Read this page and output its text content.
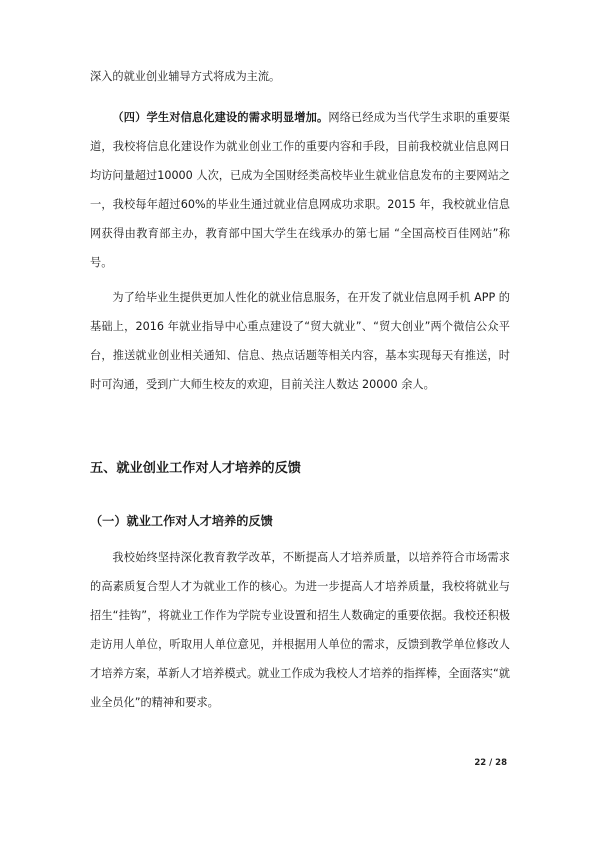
深入的就业创业辅导方式将成为主流。

（四）学生对信息化建设的需求明显增加。网络已经成为当代学生求职的重要渠道，我校将信息化建设作为就业创业工作的重要内容和手段，目前我校就业信息网日均访问量超过10000 人次，已成为全国财经类高校毕业生就业信息发布的主要网站之一，我校每年超过60%的毕业生通过就业信息网成功求职。2015 年，我校就业信息网获得由教育部主办，教育部中国大学生在线承办的第七届 “全国高校百佳网站”称号。

为了给毕业生提供更加人性化的就业信息服务，在开发了就业信息网手机 APP 的基础上，2016 年就业指导中心重点建设了“贸大就业”、“贸大创业”两个微信公众平台，推送就业创业相关通知、信息、热点话题等相关内容，基本实现每天有推送，时时可沟通，受到广大师生校友的欢迎，目前关注人数达 20000 余人。

五、就业创业工作对人才培养的反馈
（一）就业工作对人才培养的反馈

我校始终坚持深化教育教学改革，不断提高人才培养质量，以培养符合市场需求的高素质复合型人才为就业工作的核心。为进一步提高人才培养质量，我校将就业与招生“挂钩”，将就业工作作为学院专业设置和招生人数确定的重要依据。我校还积极走访用人单位，听取用人单位意见，并根据用人单位的需求，反馈到教学单位修改人才培养方案，革新人才培养模式。就业工作成为我校人才培养的指挥棒，全面落实“就业全员化”的精神和要求。

22 / 28
